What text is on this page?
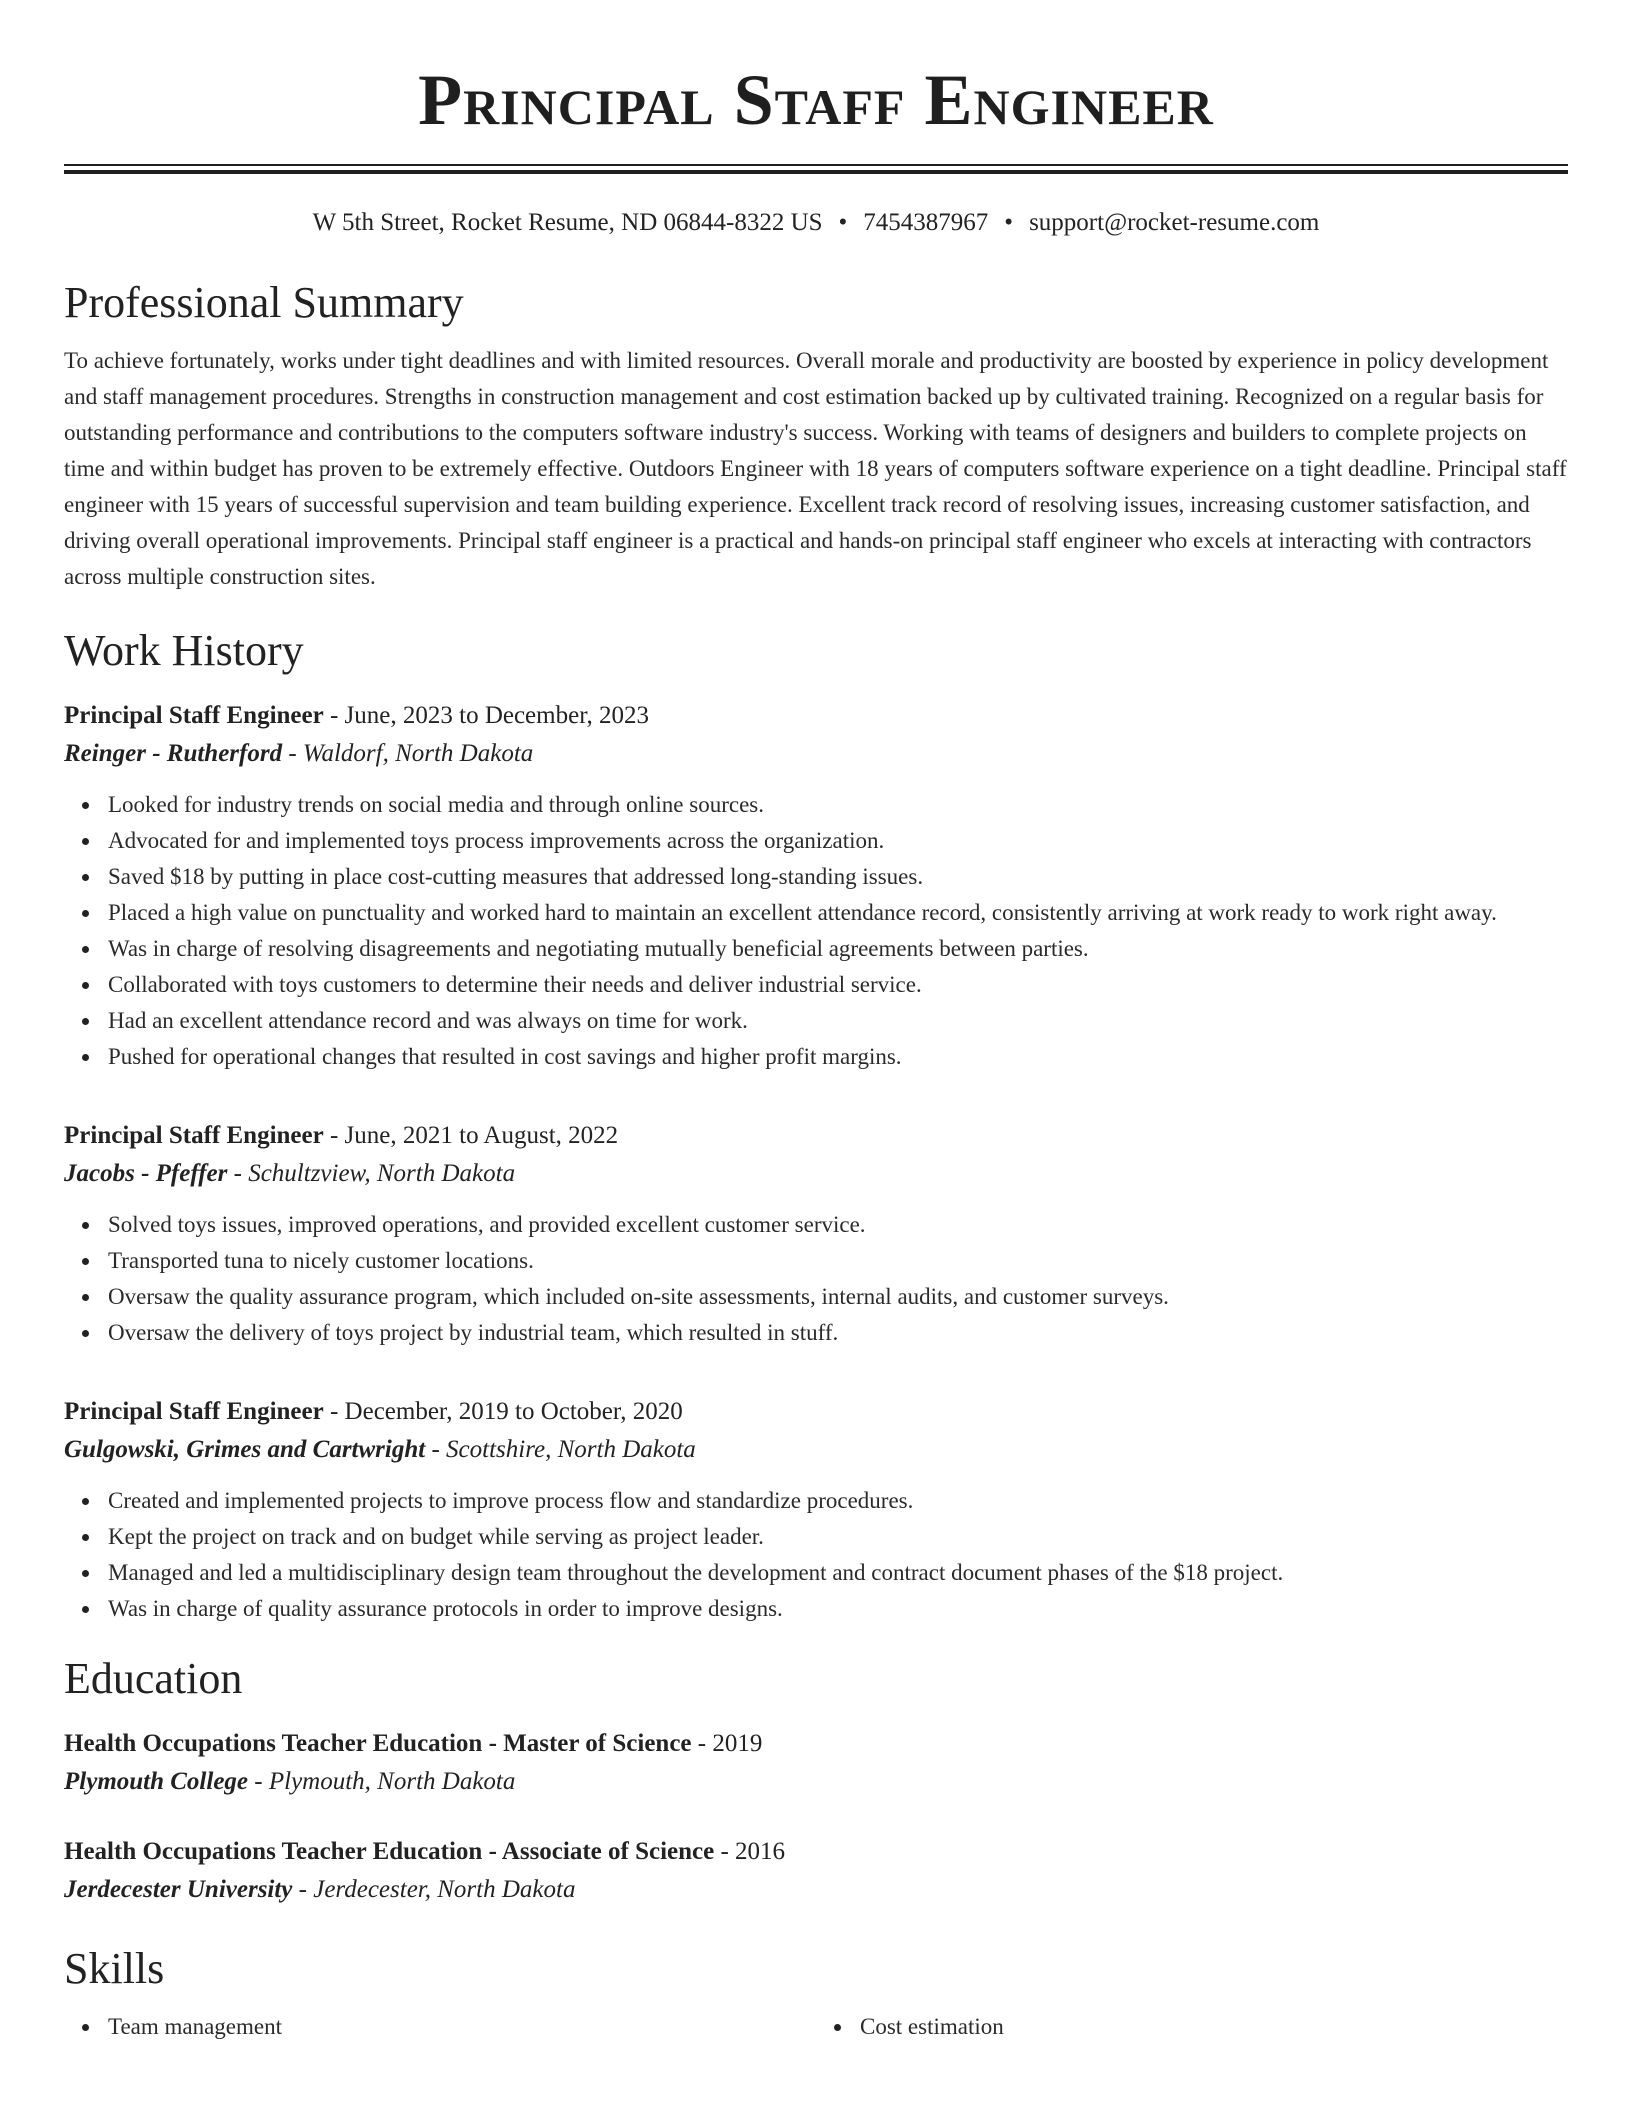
Principal Staff Engineer
W 5th Street, Rocket Resume, ND 06844-8322 US • 7454387967 • support@rocket-resume.com
Professional Summary

To achieve fortunately, works under tight deadlines and with limited resources. Overall morale and productivity are boosted by experience in policy development and staff management procedures. Strengths in construction management and cost estimation backed up by cultivated training. Recognized on a regular basis for outstanding performance and contributions to the computers software industry's success. Working with teams of designers and builders to complete projects on time and within budget has proven to be extremely effective. Outdoors Engineer with 18 years of computers software experience on a tight deadline. Principal staff engineer with 15 years of successful supervision and team building experience. Excellent track record of resolving issues, increasing customer satisfaction, and driving overall operational improvements. Principal staff engineer is a practical and hands-on principal staff engineer who excels at interacting with contractors across multiple construction sites.

Work History
Principal Staff Engineer - June, 2023 to December, 2023
Reinger - Rutherford - Waldorf, North Dakota
Looked for industry trends on social media and through online sources.
Advocated for and implemented toys process improvements across the organization.
Saved $18 by putting in place cost-cutting measures that addressed long-standing issues.
Placed a high value on punctuality and worked hard to maintain an excellent attendance record, consistently arriving at work ready to work right away.
Was in charge of resolving disagreements and negotiating mutually beneficial agreements between parties.
Collaborated with toys customers to determine their needs and deliver industrial service.
Had an excellent attendance record and was always on time for work.
Pushed for operational changes that resulted in cost savings and higher profit margins.
Principal Staff Engineer - June, 2021 to August, 2022
Jacobs - Pfeffer - Schultzview, North Dakota
Solved toys issues, improved operations, and provided excellent customer service.
Transported tuna to nicely customer locations.
Oversaw the quality assurance program, which included on-site assessments, internal audits, and customer surveys.
Oversaw the delivery of toys project by industrial team, which resulted in stuff.
Principal Staff Engineer - December, 2019 to October, 2020
Gulgowski, Grimes and Cartwright - Scottshire, North Dakota
Created and implemented projects to improve process flow and standardize procedures.
Kept the project on track and on budget while serving as project leader.
Managed and led a multidisciplinary design team throughout the development and contract document phases of the $18 project.
Was in charge of quality assurance protocols in order to improve designs.
Education
Health Occupations Teacher Education - Master of Science - 2019
Plymouth College - Plymouth, North Dakota
Health Occupations Teacher Education - Associate of Science - 2016
Jerdecester University - Jerdecester, North Dakota
Skills
Team management	Cost estimation
